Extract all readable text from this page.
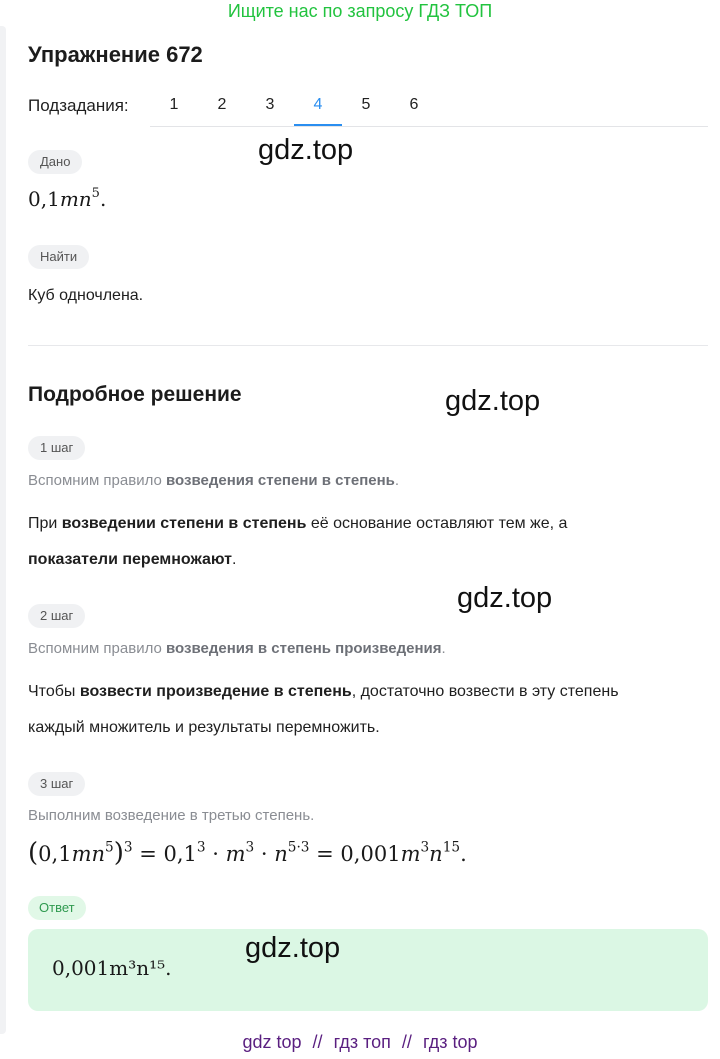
Ищите нас по запросу ГДЗ ТОП
Упражнение 672
Подзадания:	1	2	3	4	5	6
Дано
$0,1mn^5$.
Найти
Куб одночлена.
Подробное решение
1 шаг
Вспомним правило возведения степени в степень.
При возведении степени в степень её основание оставляют тем же, а
показатели перемножают.
2 шаг
Вспомним правило возведения в степень произведения.
Чтобы возвести произведение в степень, достаточно возвести в эту степень
каждый множитель и результаты перемножить.
3 шаг
Выполним возведение в третью степень.
$(0,1mn^5)^3 = 0,1^3 \cdot m^3 \cdot n^{5\cdot 3} = 0,001m^3n^{15}$.
Ответ
0,001m³n¹⁵.
gdz.top
gdz.top
gdz.top
gdz.top
gdz top // гдз топ // гдз top
